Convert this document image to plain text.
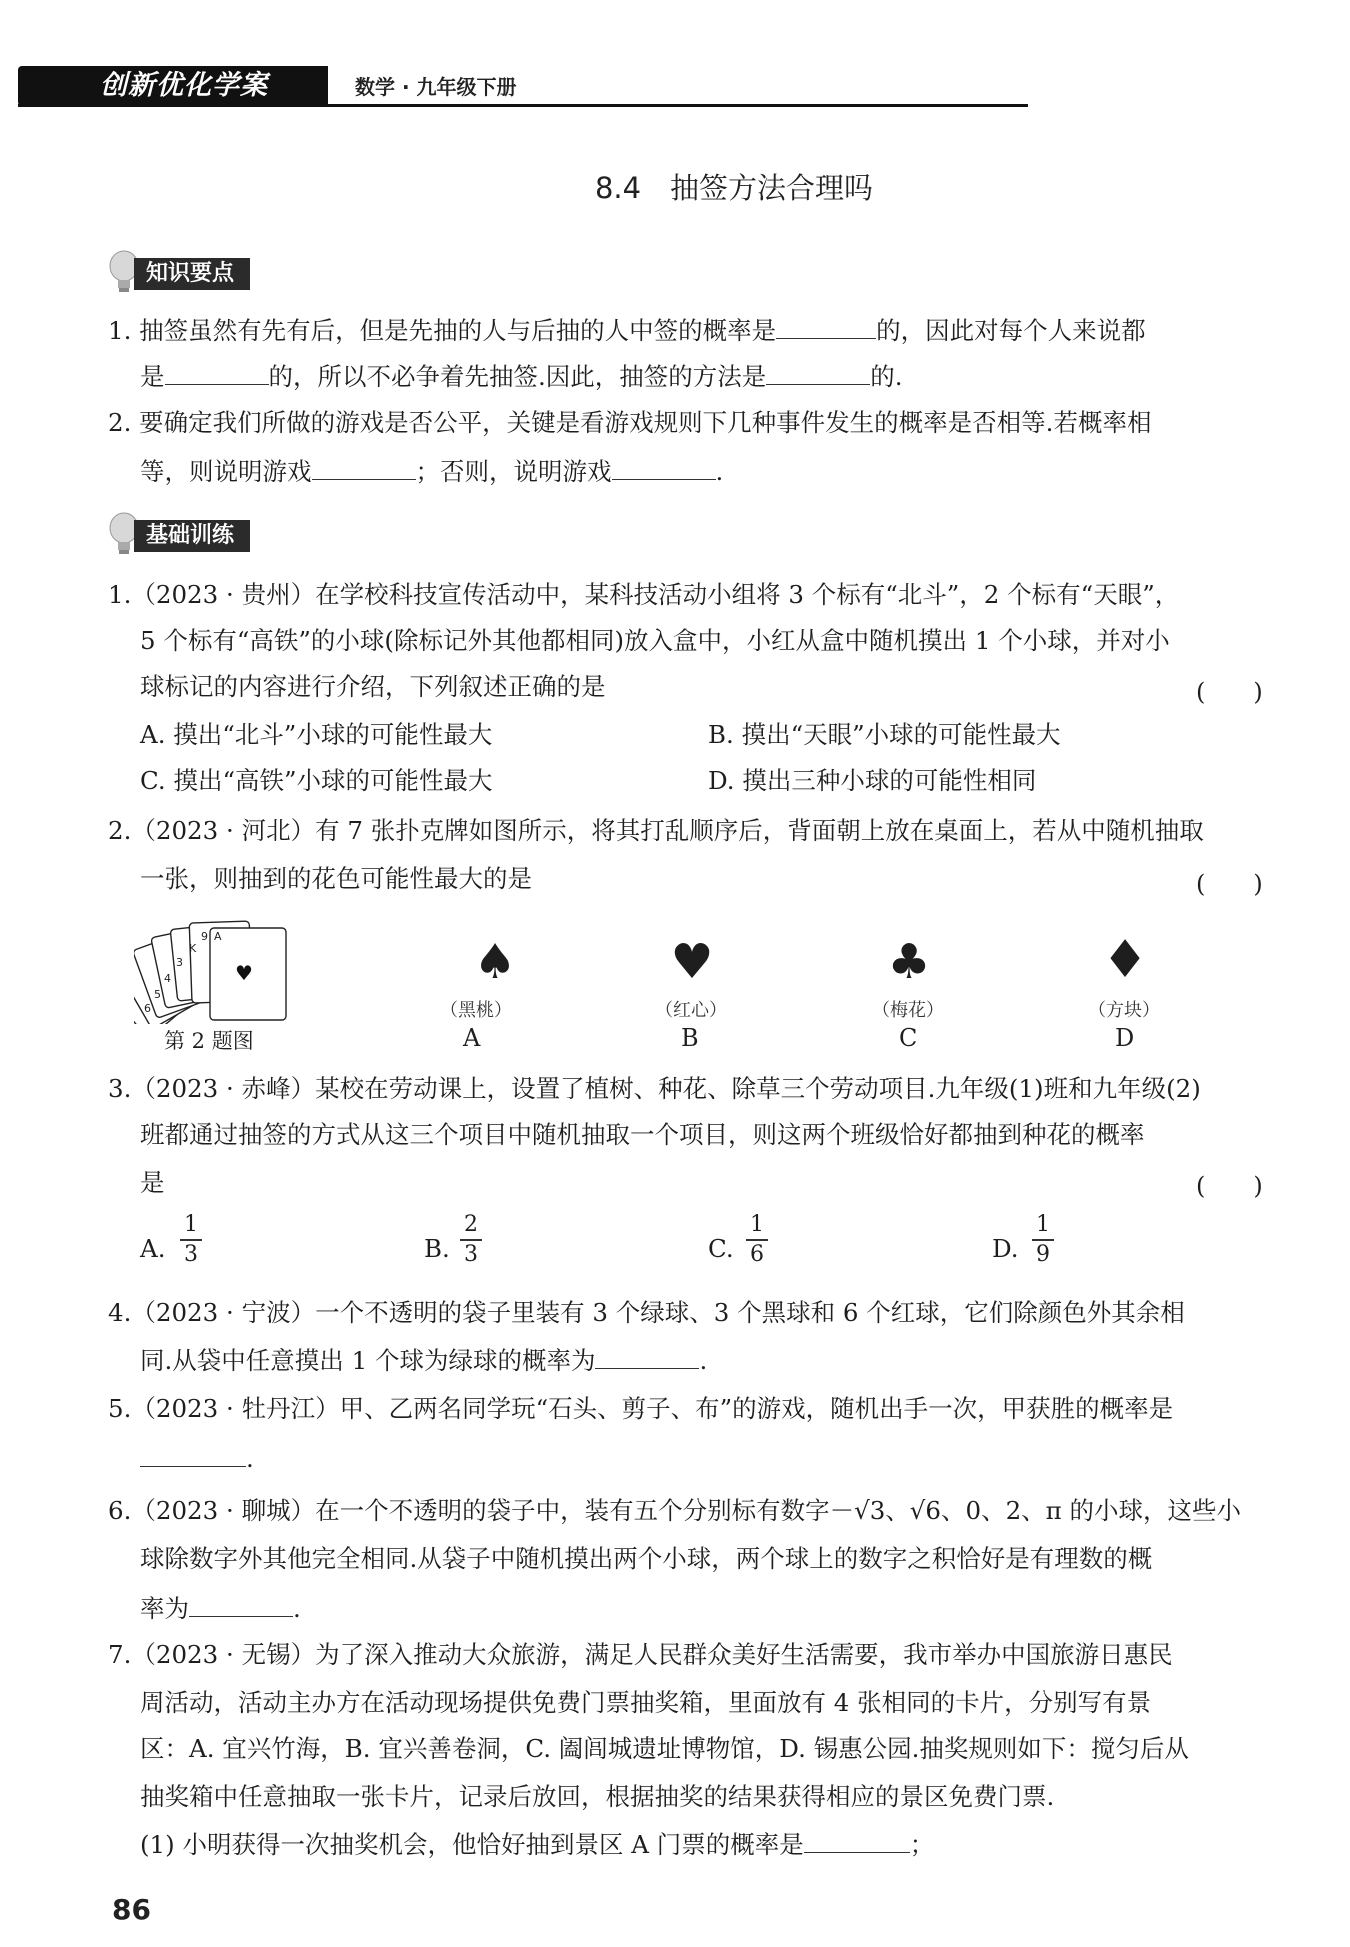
创新优化学案	数学 · 九年级下册
8.4　抽签方法合理吗
知识要点
1. 抽签虽然有先有后，但是先抽的人与后抽的人中签的概率是	的，因此对每个人来说都
是	的，所以不必争着先抽签.因此，抽签的方法是	的.
2. 要确定我们所做的游戏是否公平，关键是看游戏规则下几种事件发生的概率是否相等.若概率相
等，则说明游戏	；否则，说明游戏	.
基础训练
1.（2023 · 贵州）在学校科技宣传活动中，某科技活动小组将 3 个标有“北斗”，2 个标有“天眼”，
5 个标有“高铁”的小球(除标记外其他都相同)放入盒中，小红从盒中随机摸出 1 个小球，并对小
球标记的内容进行介绍，下列叙述正确的是	(　　)
A. 摸出“北斗”小球的可能性最大	B. 摸出“天眼”小球的可能性最大
C. 摸出“高铁”小球的可能性最大	D. 摸出三种小球的可能性相同
2.（2023 · 河北）有 7 张扑克牌如图所示，将其打乱顺序后，背面朝上放在桌面上，若从中随机抽取
一张，则抽到的花色可能性最大的是	(　　)
6
5
4
3
K
9 A
♥
第 2 题图
♠
（黑桃）
A
♥
（红心）
B
♣
（梅花）
C
♦
（方块）
D
3.（2023 · 赤峰）某校在劳动课上，设置了植树、种花、除草三个劳动项目.九年级(1)班和九年级(2)
班都通过抽签的方式从这三个项目中随机抽取一个项目，则这两个班级恰好都抽到种花的概率
是	(　　)
A.
1
3	B.
2
3	C.
1
6	D.
1
9
4.（2023 · 宁波）一个不透明的袋子里装有 3 个绿球、3 个黑球和 6 个红球，它们除颜色外其余相
同.从袋中任意摸出 1 个球为绿球的概率为	.
5.（2023 · 牡丹江）甲、乙两名同学玩“石头、剪子、布”的游戏，随机出手一次，甲获胜的概率是
.
6.（2023 · 聊城）在一个不透明的袋子中，装有五个分别标有数字－√3、√6、0、2、π 的小球，这些小
球除数字外其他完全相同.从袋子中随机摸出两个小球，两个球上的数字之积恰好是有理数的概
率为	.
7.（2023 · 无锡）为了深入推动大众旅游，满足人民群众美好生活需要，我市举办中国旅游日惠民
周活动，活动主办方在活动现场提供免费门票抽奖箱，里面放有 4 张相同的卡片，分别写有景
区：A. 宜兴竹海，B. 宜兴善卷洞，C. 阖闾城遗址博物馆，D. 锡惠公园.抽奖规则如下：搅匀后从
抽奖箱中任意抽取一张卡片，记录后放回，根据抽奖的结果获得相应的景区免费门票.
(1) 小明获得一次抽奖机会，他恰好抽到景区 A 门票的概率是	；
86
